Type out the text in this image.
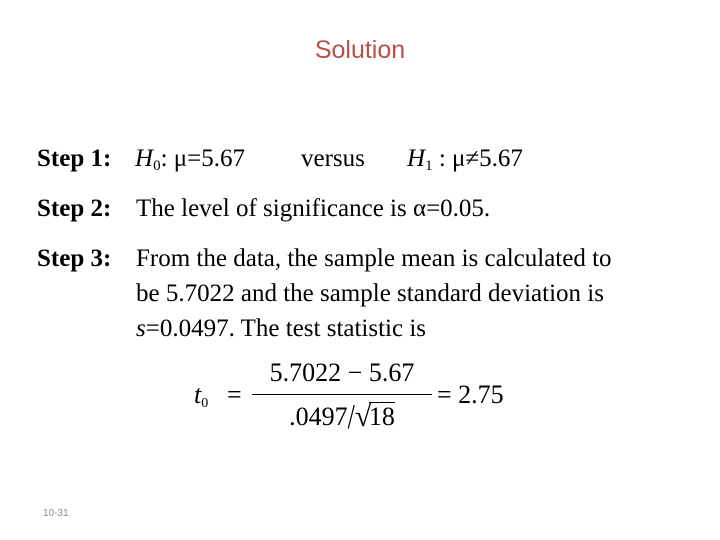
Solution
Step 1: $H_0$: μ=5.67 versus $H_1$ : μ≠5.67
Step 2: The level of significance is α=0.05.
Step 3: From the data, the sample mean is calculated to
be 5.7022 and the sample standard deviation is
s=0.0497. The test statistic is
$t_0$ =
5.7022 − 5.67
.0497/ √
18
= 2.75
10-31
